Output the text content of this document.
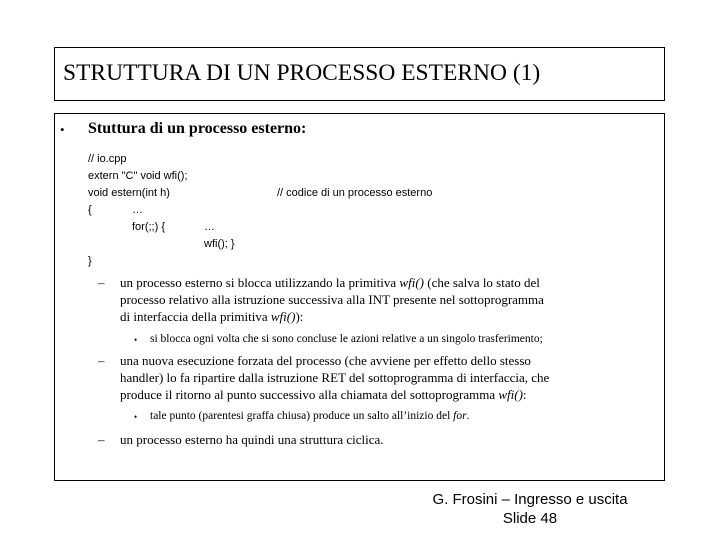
STRUTTURA DI UN PROCESSO ESTERNO (1)
• Stuttura di un processo esterno:
// io.cpp
extern "C" void wfi();
void estern(int h)	// codice di un processo esterno
{	…
for(;;) {	…
wfi(); }
}
– un processo esterno si blocca utilizzando la primitiva wfi() (che salva lo stato del
processo relativo alla istruzione successiva alla INT presente nel sottoprogramma
di interfaccia della primitiva wfi()):
• si blocca ogni volta che si sono concluse le azioni relative a un singolo trasferimento;
– una nuova esecuzione forzata del processo (che avviene per effetto dello stesso
handler) lo fa ripartire dalla istruzione RET del sottoprogramma di interfaccia, che
produce il ritorno al punto successivo alla chiamata del sottoprogramma wfi():
• tale punto (parentesi graffa chiusa) produce un salto all’inizio del for.
– un processo esterno ha quindi una struttura ciclica.
G. Frosini – Ingresso e uscita
Slide 48
